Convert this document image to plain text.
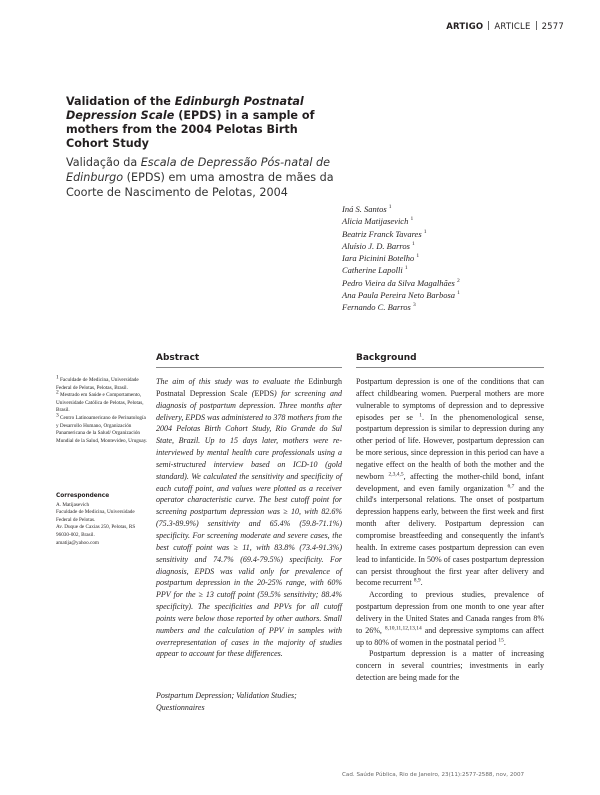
ARTIGO ARTICLE 2577
Validation of the Edinburgh Postnatal Depression Scale (EPDS) in a sample of mothers from the 2004 Pelotas Birth Cohort Study
Validação da Escala de Depressão Pós-natal de Edinburgo (EPDS) em uma amostra de mães da Coorte de Nascimento de Pelotas, 2004
Iná S. Santos $^1$
Alicia Matijasevich $^1$
Beatriz Franck Tavares $^1$
Aluísio J. D. Barros $^1$
Iara Picinini Botelho $^1$
Catherine Lapolli $^1$
Pedro Vieira da Silva Magalhães $^2$
Ana Paula Pereira Neto Barbosa $^1$
Fernando C. Barros $^3$
Abstract	Background

$^1$ Faculdade de Medicina, Universidade Federal de Pelotas, Pelotas, Brasil.

$^2$ Mestrado em Saúde e Comportamento, Universidade Católica de Pelotas, Pelotas, Brasil.

$^3$ Centro Latinoamericano de Perinatología y Desarrollo Humano, Organización Panamericana de la Salud/ Organización Mundial de la Salud, Montevideo, Uruguay.

Correspondence
A. Matijasevich
Faculdade de Medicina, Universidade Federal de Pelotas.
Av. Duque de Caxias 250, Pelotas, RS
96030-002, Brasil.
amatija@yahoo.com
The aim of this study was to evaluate the Edinburgh Postnatal Depression Scale (EPDS) for screening and diagnosis of postpartum depression. Three months after delivery, EPDS was administered to 378 mothers from the 2004 Pelotas Birth Cohort Study, Rio Grande do Sul State, Brazil. Up to 15 days later, mothers were re-interviewed by mental health care professionals using a semi-structured interview based on ICD-10 (gold standard). We calculated the sensitivity and specificity of each cutoff point, and values were plotted as a receiver operator characteristic curve. The best cutoff point for screening postpartum depression was ≥ 10, with 82.6% (75.3-89.9%) sensitivity and 65.4% (59.8-71.1%) specificity. For screening moderate and severe cases, the best cutoff point was ≥ 11, with 83.8% (73.4-91.3%) sensitivity and 74.7% (69.4-79.5%) specificity. For diagnosis, EPDS was valid only for prevalence of postpartum depression in the 20-25% range, with 60% PPV for the ≥ 13 cutoff point (59.5% sensitivity; 88.4% specificity). The specificities and PPVs for all cutoff points were below those reported by other authors. Small numbers and the calculation of PPV in samples with overrepresentation of cases in the majority of studies appear to account for these differences.
Postpartum Depression; Validation Studies; Questionnaires

Postpartum depression is one of the conditions that can affect childbearing women. Puerperal mothers are more vulnerable to symptoms of depression and to depressive episodes per se $^1$. In the phenomenological sense, postpartum depression is similar to depression during any other period of life. However, postpartum depression can be more serious, since depression in this period can have a negative effect on the health of both the mother and the newborn $^{2,3,4,5}$, affecting the mother-child bond, infant development, and even family organization $^{6,7}$ and the child's interpersonal relations. The onset of postpartum depression happens early, between the first week and first month after delivery. Postpartum depression can compromise breastfeeding and consequently the infant's health. In extreme cases postpartum depression can even lead to infanticide. In 50% of cases postpartum depression can persist throughout the first year after delivery and become recurrent $^{8,9}$.

According to previous studies, prevalence of postpartum depression from one month to one year after delivery in the United States and Canada ranges from 8% to 26%, $^{8,10,11,12,13,14}$ and depressive symptoms can affect up to 80% of women in the postnatal period $^{15}$.

Postpartum depression is a matter of increasing concern in several countries; investments in early detection are being made for the

Cad. Saúde Pública, Rio de Janeiro, 23(11):2577-2588, nov, 2007
